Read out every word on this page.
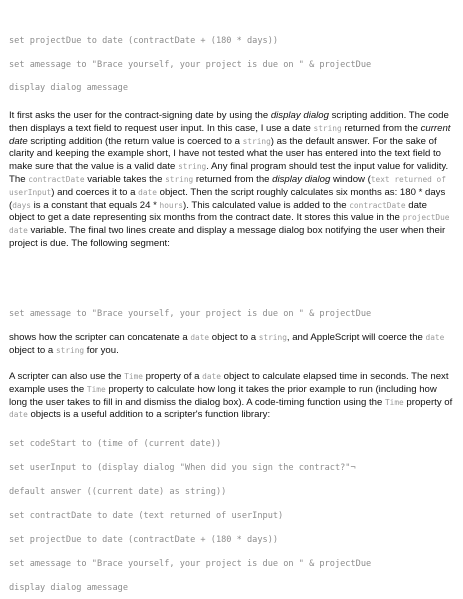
set projectDue to date (contractDate + (180 * days))

set amessage to "Brace yourself, your project is due on " & projectDue

display dialog amessage

It first asks the user for the contract-signing date by using the display dialog scripting addition. The code then displays a text field to request user input. In this case, I use a date string returned from the current date scripting addition (the return value is coerced to a string) as the default answer. For the sake of clarity and keeping the example short, I have not tested what the user has entered into the text field to make sure that the value is a valid date string. Any final program should test the input value for validity. The contractDate variable takes the string returned from the display dialog window (text returned of userInput) and coerces it to a date object. Then the script roughly calculates six months as: 180 * days (days is a constant that equals 24 * hours). This calculated value is added to the contractDate date object to get a date representing six months from the contract date. It stores this value in the projectDue date variable. The final two lines create and display a message dialog box notifying the user when their project is due. The following segment:

set amessage to "Brace yourself, your project is due on " & projectDue

shows how the scripter can concatenate a date object to a string, and AppleScript will coerce the date object to a string for you.

A scripter can also use the Time property of a date object to calculate elapsed time in seconds. The next example uses the Time property to calculate how long it takes the prior example to run (including how long the user takes to fill in and dismiss the dialog box). A code-timing function using the Time property of date objects is a useful addition to a scripter's function library:

set codeStart to (time of (current date))

set userInput to (display dialog "When did you sign the contract?"¬

default answer ((current date) as string))

set contractDate to date (text returned of userInput)

set projectDue to date (contractDate + (180 * days))

set amessage to "Brace yourself, your project is due on " & projectDue

display dialog amessage
